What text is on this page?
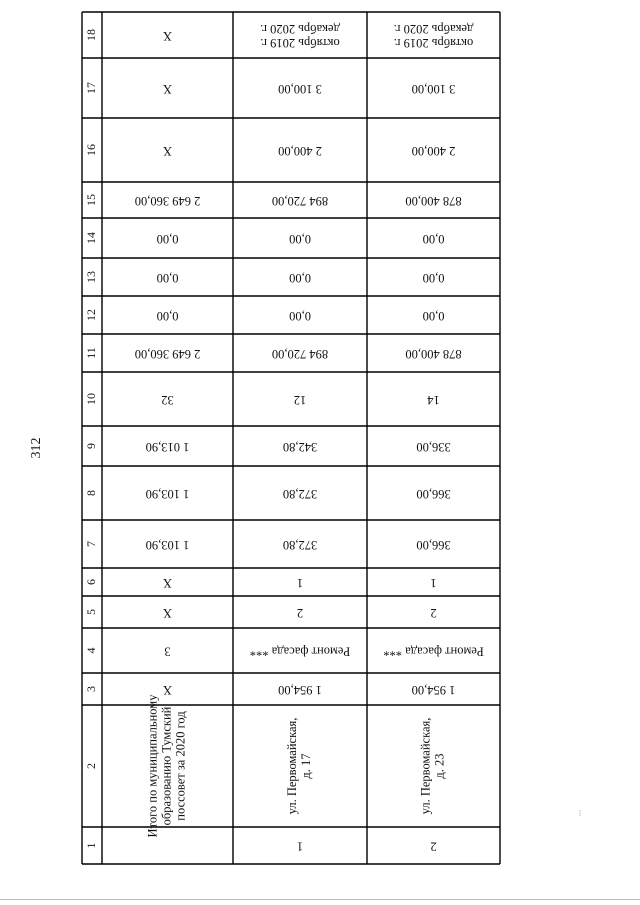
312
1
2
3
4
5
6
7
8
9
10
11
12
13
14
15
16
17
18
Итого по муниципальномуобразованию Тумскийпоссовет за 2020 год
X
3
X
X
1 103,90
1 103,90
1 013,90
32
2 649 360,00
0,00
0,00
0,00
2 649 360,00
X
X
X
1
ул. Первомайская,д. 17
1 954,00
Ремонт фасада ***
2
1
372,80
372,80
342,80
12
894 720,00
0,00
0,00
0,00
894 720,00
2 400,00
3 100,00
октябрь 2019 г.декабрь 2020 г.
2
ул. Первомайская,д. 23
1 954,00
Ремонт фасада ***
2
1
366,00
366,00
336,00
14
878 400,00
0,00
0,00
0,00
878 400,00
2 400,00
3 100,00
октябрь 2019 г.декабрь 2020 г.
...
